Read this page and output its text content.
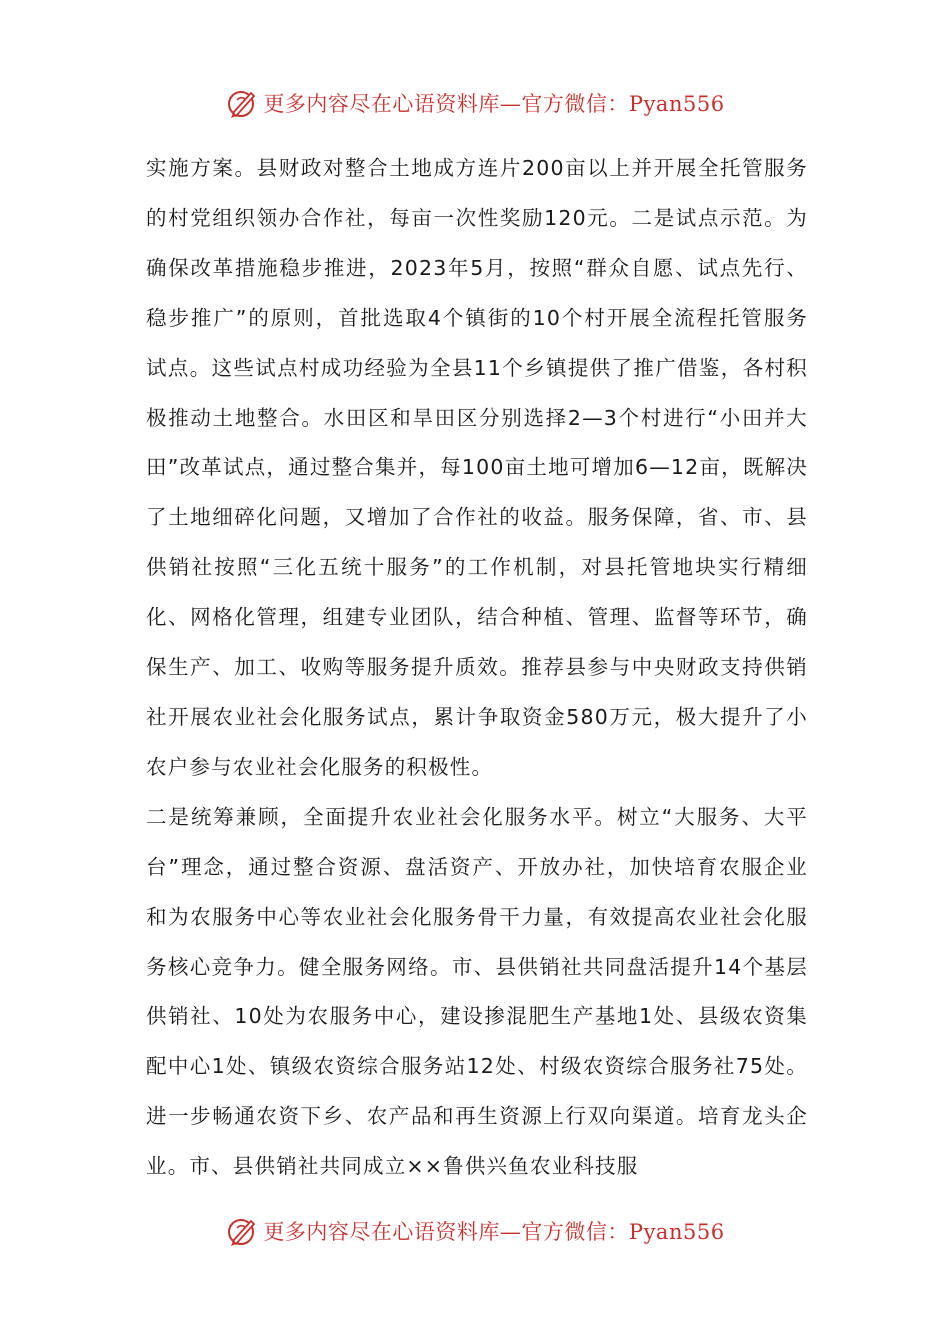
更多内容尽在心语资料库—官方微信：Pyan556

实施方案。县财政对整合土地成方连片200亩以上并开展全托管服务的村党组织领办合作社，每亩一次性奖励120元。二是试点示范。为确保改革措施稳步推进，2023年5月，按照“群众自愿、试点先行、稳步推广”的原则，首批选取4个镇街的10个村开展全流程托管服务试点。这些试点村成功经验为全县11个乡镇提供了推广借鉴，各村积极推动土地整合。水田区和旱田区分别选择2—3个村进行“小田并大田”改革试点，通过整合集并，每100亩土地可增加6—12亩，既解决了土地细碎化问题，又增加了合作社的收益。服务保障，省、市、县供销社按照“三化五统十服务”的工作机制，对县托管地块实行精细化、网格化管理，组建专业团队，结合种植、管理、监督等环节，确保生产、加工、收购等服务提升质效。推荐县参与中央财政支持供销社开展农业社会化服务试点，累计争取资金580万元，极大提升了小农户参与农业社会化服务的积极性。

二是统筹兼顾，全面提升农业社会化服务水平。树立“大服务、大平台”理念，通过整合资源、盘活资产、开放办社，加快培育农服企业和为农服务中心等农业社会化服务骨干力量，有效提高农业社会化服务核心竞争力。健全服务网络。市、县供销社共同盘活提升14个基层供销社、10处为农服务中心，建设掺混肥生产基地1处、县级农资集配中心1处、镇级农资综合服务站12处、村级农资综合服务社75处。进一步畅通农资下乡、农产品和再生资源上行双向渠道。培育龙头企业。市、县供销社共同成立××鲁供兴鱼农业科技服

更多内容尽在心语资料库—官方微信：Pyan556
